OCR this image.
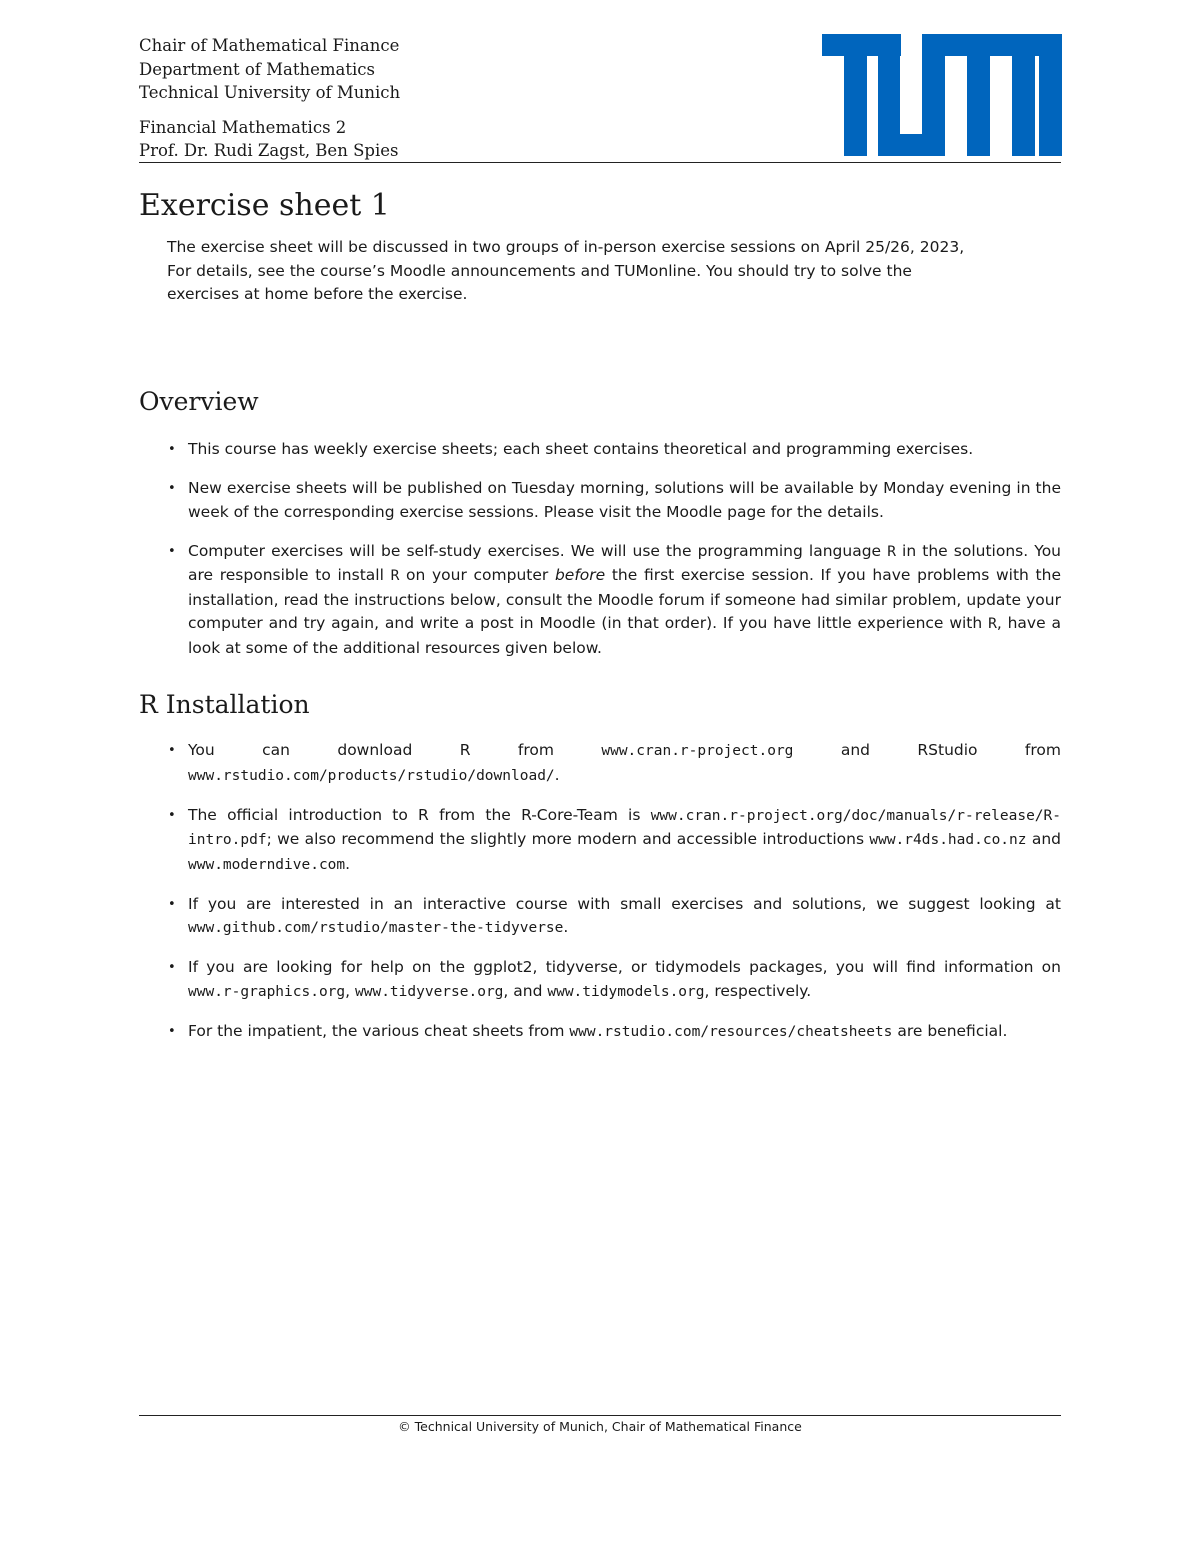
Chair of Mathematical Finance
Department of Mathematics
Technical University of Munich
Financial Mathematics 2
Prof. Dr. Rudi Zagst, Ben Spies
Exercise sheet 1
The exercise sheet will be discussed in two groups of in-person exercise sessions on April 25/26, 2023,
For details, see the course’s Moodle announcements and TUMonline. You should try to solve the
exercises at home before the exercise.
Overview
• This course has weekly exercise sheets; each sheet contains theoretical and programming exercises.
• New exercise sheets will be published on Tuesday morning, solutions will be available by Monday evening in the week of the corresponding exercise sessions. Please visit the Moodle page for the details.
• Computer exercises will be self-study exercises. We will use the programming language R in the solutions. You are responsible to install R on your computer before the first exercise session. If you have problems with the installation, read the instructions below, consult the Moodle forum if someone had similar problem, update your computer and try again, and write a post in Moodle (in that order). If you have little experience with R, have a look at some of the additional resources given below.
R Installation
• You can download R from www.cran.r-project.org and RStudio from www.rstudio.com/products/rstudio/download/.
• The official introduction to R from the R-Core-Team is www.cran.r-project.org/doc/manuals/r-release/R-intro.pdf; we also recommend the slightly more modern and accessible introductions www.r4ds.had.co.nz and www.moderndive.com.
• If you are interested in an interactive course with small exercises and solutions, we suggest looking at www.github.com/rstudio/master-the-tidyverse.
• If you are looking for help on the ggplot2, tidyverse, or tidymodels packages, you will find information on www.r-graphics.org, www.tidyverse.org, and www.tidymodels.org, respectively.
• For the impatient, the various cheat sheets from www.rstudio.com/resources/cheatsheets are beneficial.
© Technical University of Munich, Chair of Mathematical Finance
